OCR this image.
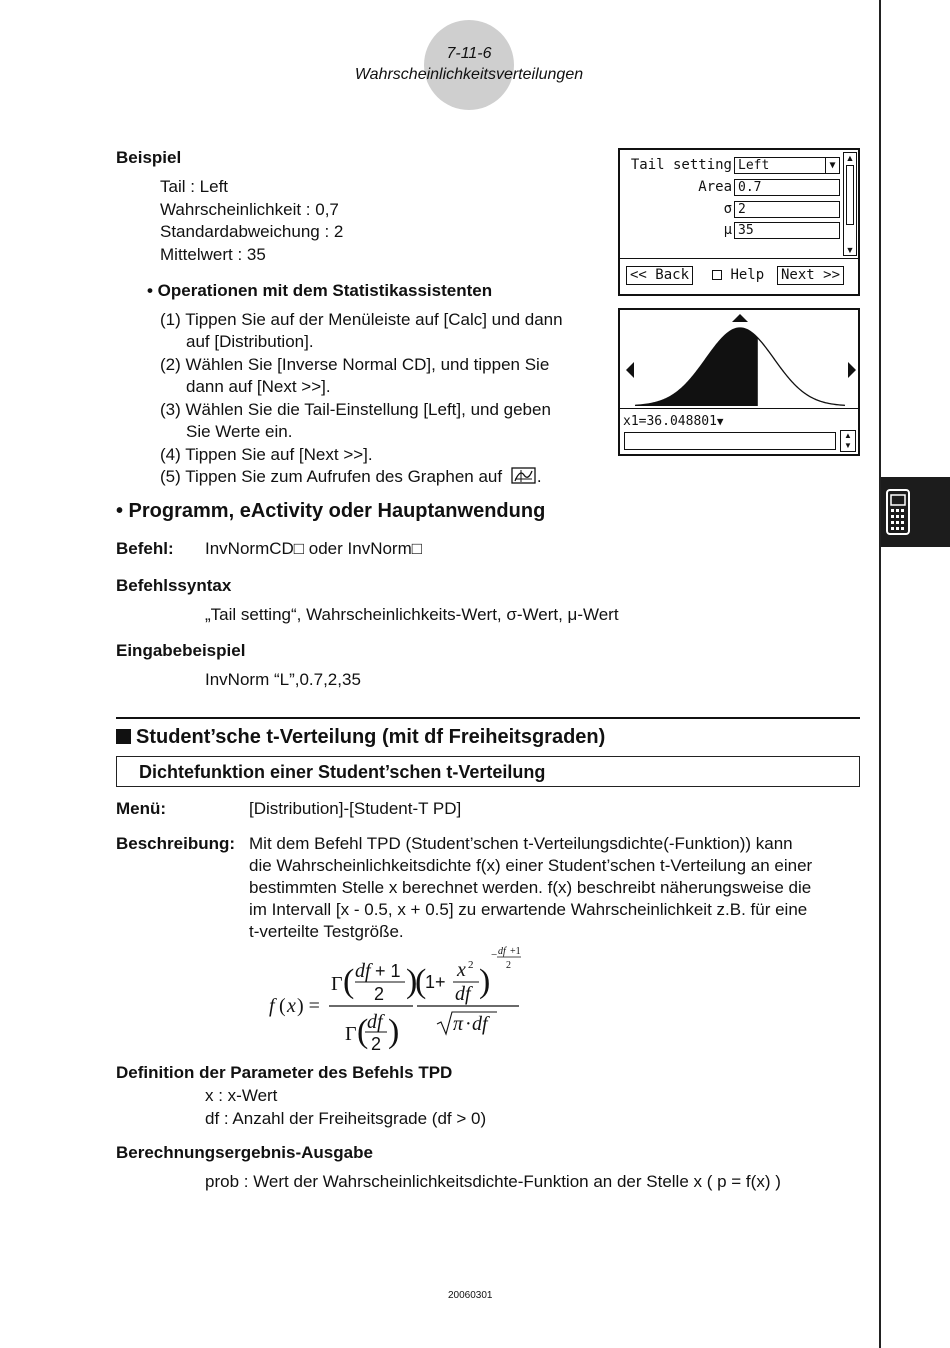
7-11-6
Wahrscheinlichkeitsverteilungen
Beispiel
Tail : Left
Wahrscheinlichkeit : 0,7
Standardabweichung : 2
Mittelwert : 35
• Operationen mit dem Statistikassistenten
(1) Tippen Sie auf der Menüleiste auf [Calc] und dann
auf [Distribution].
(2) Wählen Sie [Inverse Normal CD], und tippen Sie
dann auf [Next >>].
(3) Wählen Sie die Tail-Einstellung [Left], und geben
Sie Werte ein.
(4) Tippen Sie auf [Next >>].
(5) Tippen Sie zum Aufrufen des Graphen auf .
Tail setting Left	▼
Area 0.7
σ 2
μ 35
▲
▼
<< Back	Help Next >>
x1=36.048801▼
▲
▼
• Programm, eActivity oder Hauptanwendung
Befehl: InvNormCD□ oder InvNorm□
Befehlssyntax
„Tail setting“, Wahrscheinlichkeits-Wert, σ-Wert, μ-Wert
Eingabebeispiel
InvNorm “L”,0.7,2,35
Student’sche t-Verteilung (mit df Freiheitsgraden)
Dichtefunktion einer Student’schen t-Verteilung
Menü:	[Distribution]-[Student-T PD]
Beschreibung: Mit dem Befehl TPD (Student’schen t-Verteilungsdichte(-Funktion)) kann
die Wahrscheinlichkeitsdichte f(x) einer Student’schen t-Verteilung an einer
bestimmten Stelle x berechnet werden. f(x) beschreibt näherungsweise die
im Intervall [x - 0.5, x + 0.5] zu erwartende Wahrscheinlichkeit z.B. für eine
t-verteilte Testgröße.
f ( x ) =
Γ ( df + 1
2 )
Γ (
df
2 )
(
1+
x 2
df )
− df +1
2
π · df
Definition der Parameter des Befehls TPD
x : x-Wert
df : Anzahl der Freiheitsgrade (df > 0)
Berechnungsergebnis-Ausgabe
prob : Wert der Wahrscheinlichkeitsdichte-Funktion an der Stelle x ( p = f(x) )
20060301
